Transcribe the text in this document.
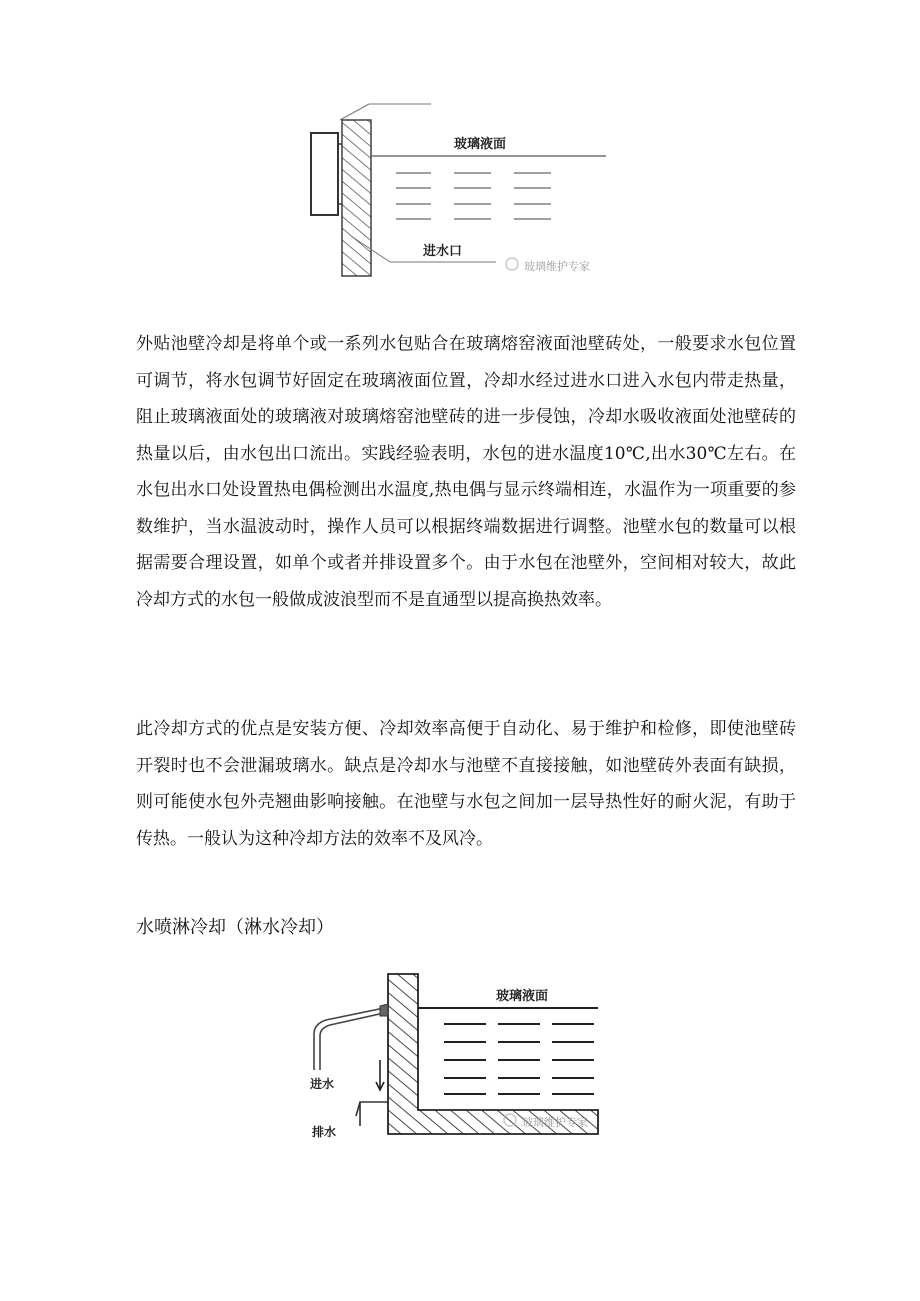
玻璃液面
进水口
玻璃维护专家

外贴池壁冷却是将单个或一系列水包贴合在玻璃熔窑液面池壁砖处，一般要求水包位置可调节，将水包调节好固定在玻璃液面位置，冷却水经过进水口进入水包内带走热量，阻止玻璃液面处的玻璃液对玻璃熔窑池壁砖的进一步侵蚀，冷却水吸收液面处池壁砖的热量以后，由水包出口流出。实践经验表明，水包的进水温度10℃,出水30℃左右。在水包出水口处设置热电偶检测出水温度,热电偶与显示终端相连，水温作为一项重要的参数维护，当水温波动时，操作人员可以根据终端数据进行调整。池壁水包的数量可以根据需要合理设置，如单个或者并排设置多个。由于水包在池壁外，空间相对较大，故此冷却方式的水包一般做成波浪型而不是直通型以提高换热效率。

此冷却方式的优点是安装方便、冷却效率高便于自动化、易于维护和检修，即使池壁砖开裂时也不会泄漏玻璃水。缺点是冷却水与池壁不直接接触，如池壁砖外表面有缺损，则可能使水包外壳翘曲影响接触。在池壁与水包之间加一层导热性好的耐火泥，有助于传热。一般认为这种冷却方法的效率不及风冷。

水喷淋冷却（淋水冷却）

玻璃液面
进水
排水
玻璃维护专家
